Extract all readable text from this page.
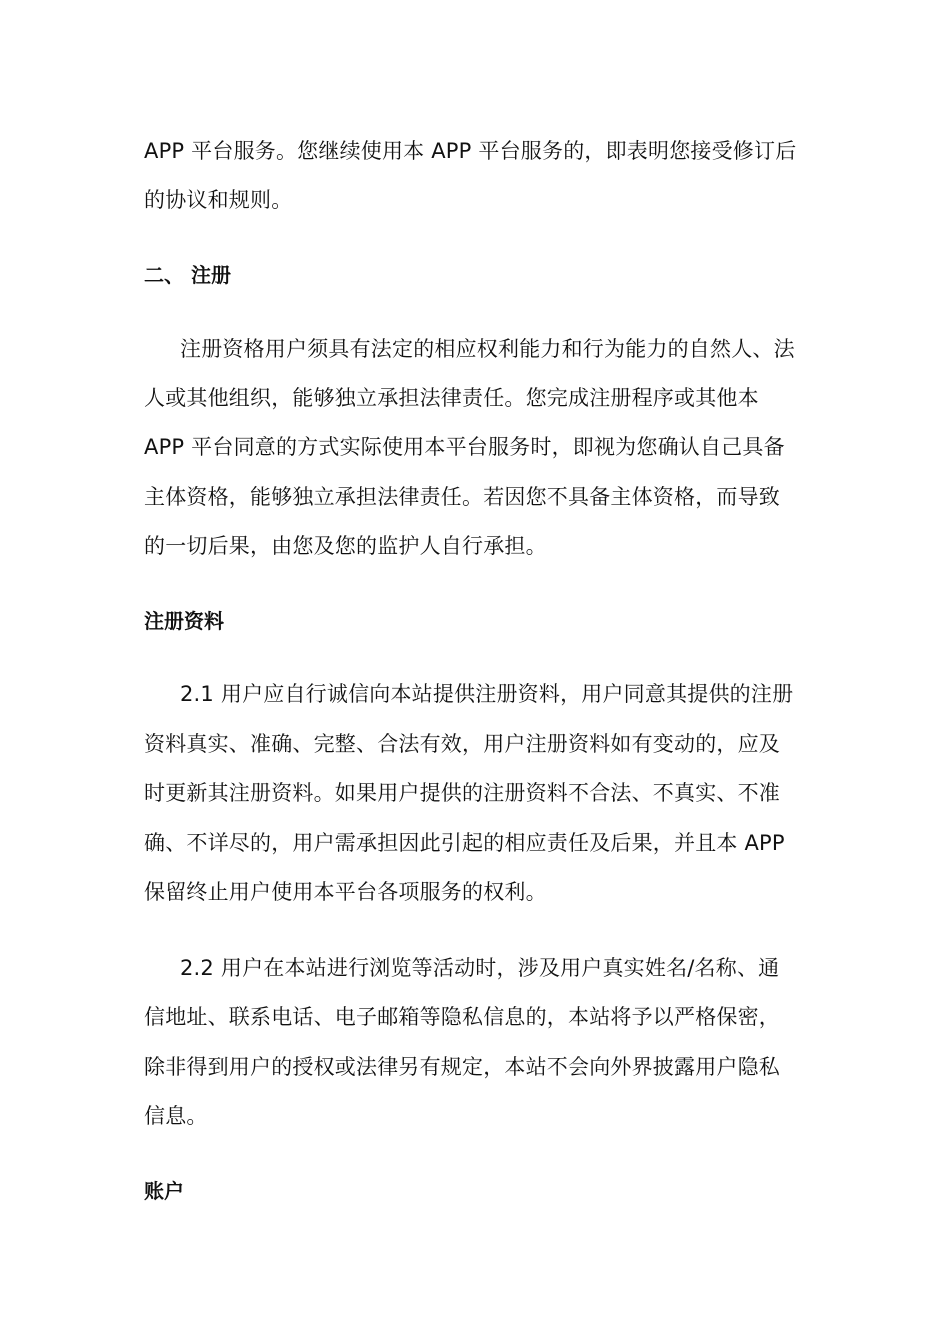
APP 平台服务。您继续使用本 APP 平台服务的，即表明您接受修订后
的协议和规则。
二、 注册
注册资格用户须具有法定的相应权利能力和行为能力的自然人、法
人或其他组织，能够独立承担法律责任。您完成注册程序或其他本
APP 平台同意的方式实际使用本平台服务时，即视为您确认自己具备
主体资格，能够独立承担法律责任。若因您不具备主体资格，而导致
的一切后果，由您及您的监护人自行承担。
注册资料
2.1 用户应自行诚信向本站提供注册资料，用户同意其提供的注册
资料真实、准确、完整、合法有效，用户注册资料如有变动的，应及
时更新其注册资料。如果用户提供的注册资料不合法、不真实、不准
确、不详尽的，用户需承担因此引起的相应责任及后果，并且本 APP
保留终止用户使用本平台各项服务的权利。
2.2 用户在本站进行浏览等活动时，涉及用户真实姓名/名称、通
信地址、联系电话、电子邮箱等隐私信息的，本站将予以严格保密，
除非得到用户的授权或法律另有规定，本站不会向外界披露用户隐私
信息。
账户
